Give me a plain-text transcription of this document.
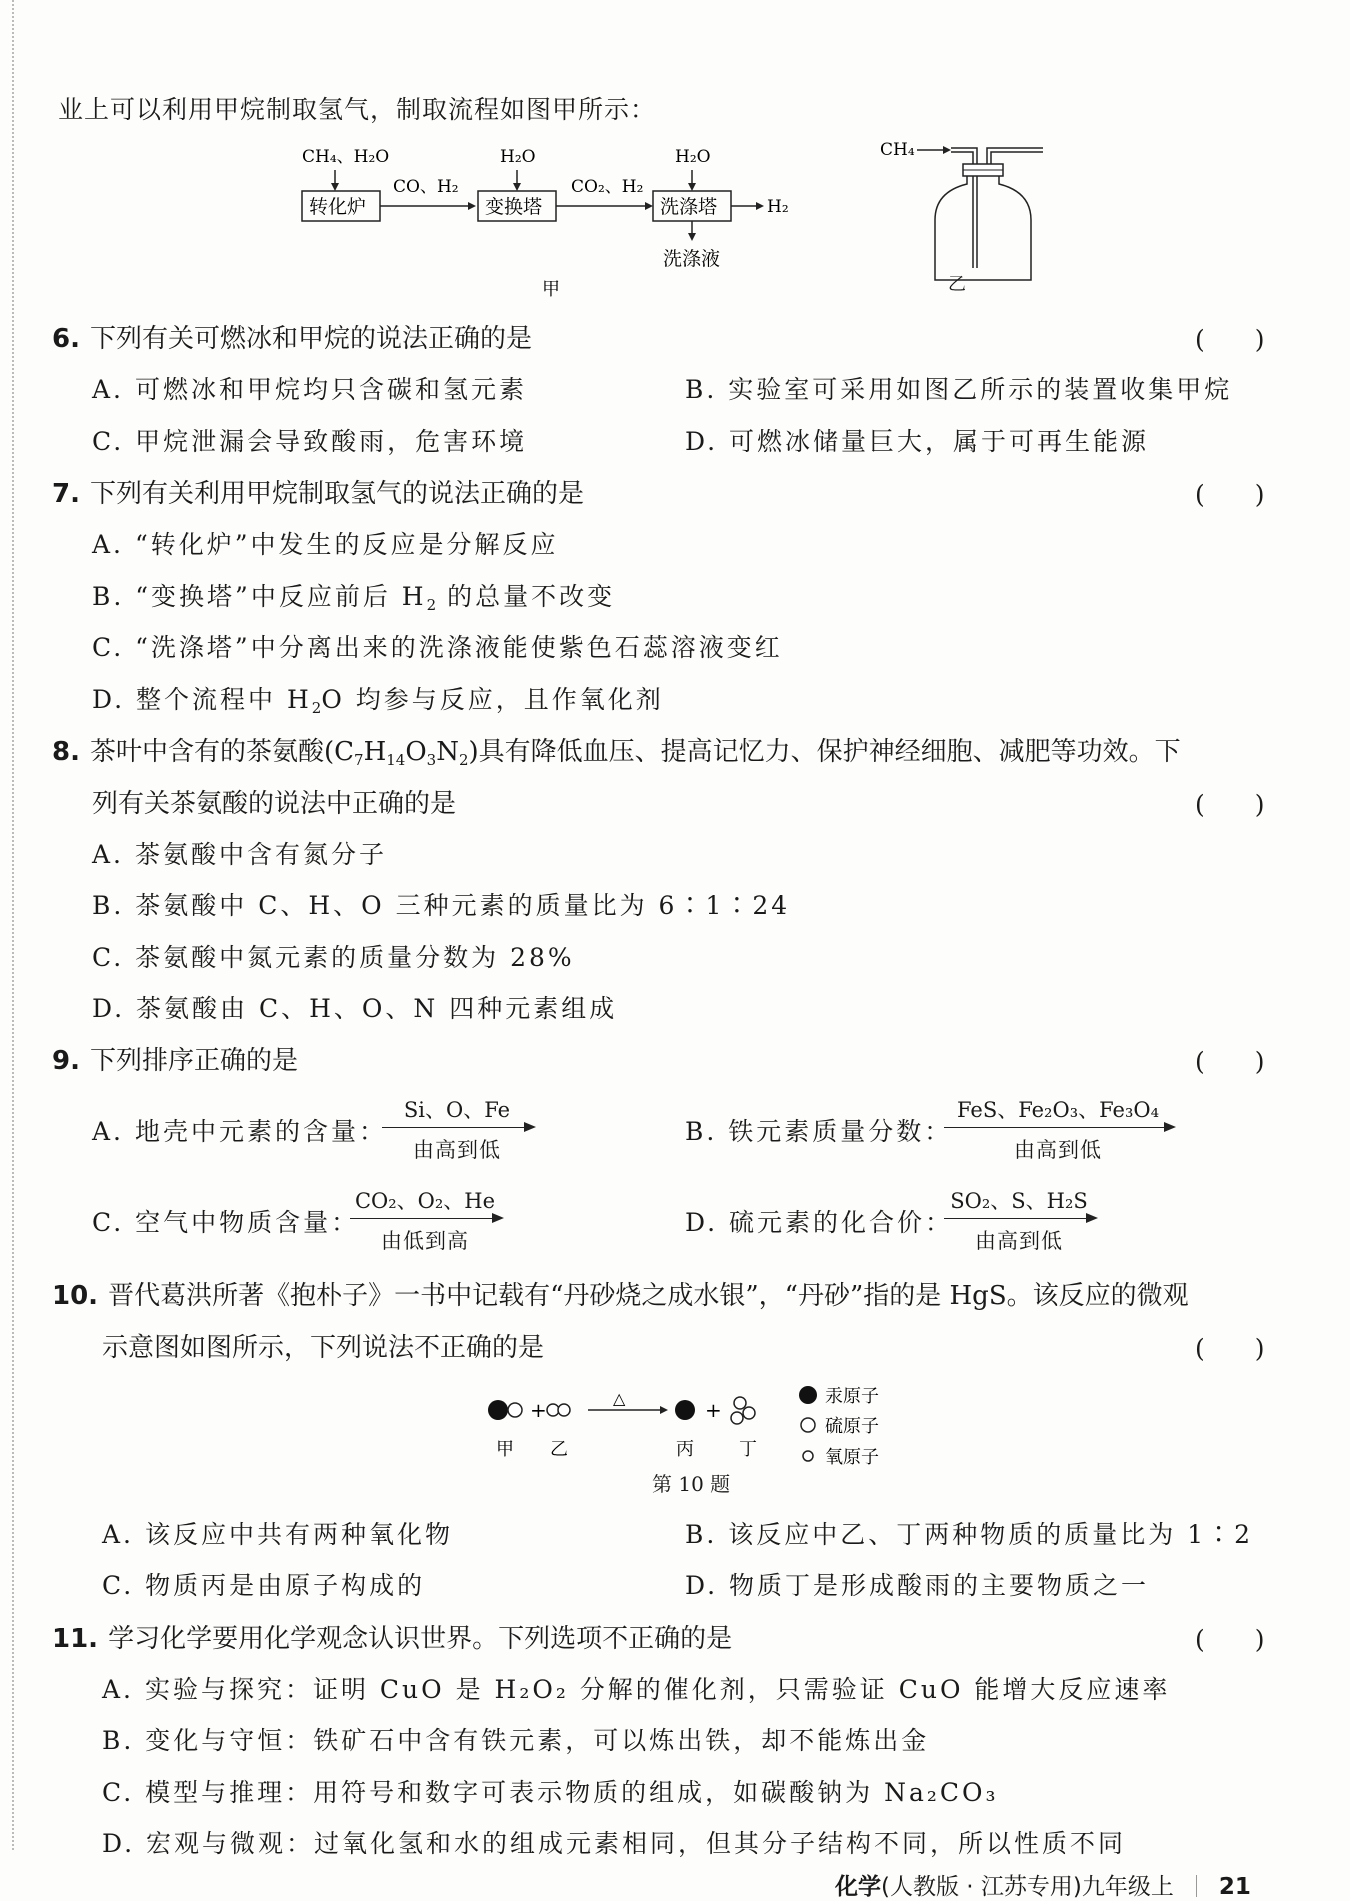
业上可以利用甲烷制取氢气，制取流程如图甲所示：
CH₄、H₂O
转化炉
CO、H₂
H₂O
变换塔
CO₂、H₂
H₂O
洗涤塔	H₂
洗涤液
甲
CH₄
乙
6. 下列有关可燃冰和甲烷的说法正确的是	(　　)
A. 可燃冰和甲烷均只含碳和氢元素	B. 实验室可采用如图乙所示的装置收集甲烷
C. 甲烷泄漏会导致酸雨，危害环境	D. 可燃冰储量巨大，属于可再生能源
7. 下列有关利用甲烷制取氢气的说法正确的是	(　　)
A. “转化炉”中发生的反应是分解反应
B. “变换塔”中反应前后 $H_2$ 的总量不改变
C. “洗涤塔”中分离出来的洗涤液能使紫色石蕊溶液变红
D. 整个流程中 $H_2O$ 均参与反应，且作氧化剂
8. 茶叶中含有的茶氨酸$(C_7H_{14}O_3N_2)$具有降低血压、提高记忆力、保护神经细胞、减肥等功效。下
列有关茶氨酸的说法中正确的是	(　　)
A. 茶氨酸中含有氮分子
B. 茶氨酸中 C、H、O 三种元素的质量比为 6∶1∶24
C. 茶氨酸中氮元素的质量分数为 28%
D. 茶氨酸由 C、H、O、N 四种元素组成
9. 下列排序正确的是	(　　)
A. 地壳中元素的含量：
Si、O、Fe
由高到低
B. 铁元素质量分数：
FeS、Fe₂O₃、Fe₃O₄
由高到低
C. 空气中物质含量：
CO₂、O₂、He
由低到高
D. 硫元素的化合价：
SO₂、S、H₂S
由高到低
10. 晋代葛洪所著《抱朴子》一书中记载有“丹砂烧之成水银”，“丹砂”指的是 HgS。该反应的微观
示意图如图所示，下列说法不正确的是	(　　)
+	△	+
甲 乙	丙	丁
汞原子
硫原子
氧原子
第 10 题
A. 该反应中共有两种氧化物	B. 该反应中乙、丁两种物质的质量比为 1∶2
C. 物质丙是由原子构成的	D. 物质丁是形成酸雨的主要物质之一
11. 学习化学要用化学观念认识世界。下列选项不正确的是	(　　)
A. 实验与探究：证明 CuO 是 H₂O₂ 分解的催化剂，只需验证 CuO 能增大反应速率
B. 变化与守恒：铁矿石中含有铁元素，可以炼出铁，却不能炼出金
C. 模型与推理：用符号和数字可表示物质的组成，如碳酸钠为 Na₂CO₃
D. 宏观与微观：过氧化氢和水的组成元素相同，但其分子结构不同，所以性质不同
化学(人教版 · 江苏专用)九年级上 21
